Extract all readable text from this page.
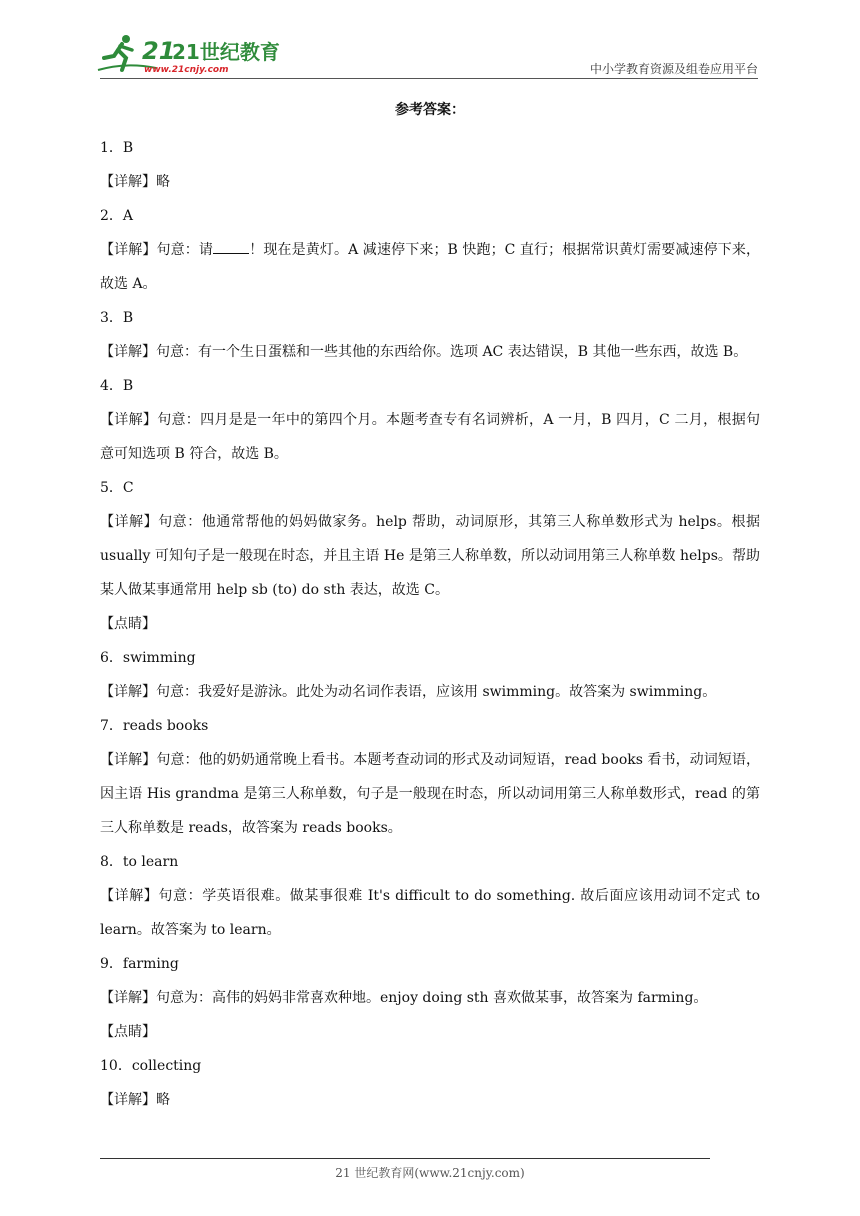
21
21世纪教育
www.21cnjy.com	中小学教育资源及组卷应用平台
参考答案：
1．B
【详解】略
2．A
【详解】句意：请	！现在是黄灯。A 减速停下来；B 快跑；C 直行；根据常识黄灯需要减速停下来，故选 A。
3．B
【详解】句意：有一个生日蛋糕和一些其他的东西给你。选项 AC 表达错误，B 其他一些东西，故选 B。
4．B
【详解】句意：四月是是一年中的第四个月。本题考查专有名词辨析，A 一月，B 四月，C 二月，根据句意可知选项 B 符合，故选 B。
5．C
【详解】句意：他通常帮他的妈妈做家务。help 帮助，动词原形，其第三人称单数形式为 helps。根据 usually 可知句子是一般现在时态，并且主语 He 是第三人称单数，所以动词用第三人称单数 helps。帮助某人做某事通常用 help sb (to) do sth 表达，故选 C。
【点睛】
6．swimming
【详解】句意：我爱好是游泳。此处为动名词作表语，应该用 swimming。故答案为 swimming。
7．reads books
【详解】句意：他的奶奶通常晚上看书。本题考查动词的形式及动词短语，read books 看书，动词短语，因主语 His grandma 是第三人称单数，句子是一般现在时态，所以动词用第三人称单数形式，read 的第三人称单数是 reads，故答案为 reads books。
8．to learn
【详解】句意：学英语很难。做某事很难 It's difficult to do something. 故后面应该用动词不定式 to learn。故答案为 to learn。
9．farming
【详解】句意为：高伟的妈妈非常喜欢种地。enjoy doing sth 喜欢做某事，故答案为 farming。
【点睛】
10．collecting
【详解】略
21 世纪教育网(www.21cnjy.com)
